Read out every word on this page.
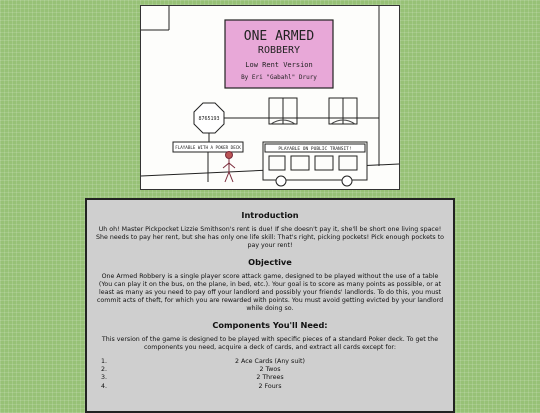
ONE ARMED
ROBBERY
Low Rent Version
By Eri "Gabahl" Drury
8765193
FLAYABLE WITH A POKER DECK	PLAYABLE ON PUBLIC TRANSIT!
Introduction

Uh oh! Master Pickpocket Lizzie Smithson's rent is due! If she doesn't pay it, she'll be short one living space! She needs to pay her rent, but she has only one life skill: That's right, picking pockets! Pick enough pockets to pay your rent!

Objective

One Armed Robbery is a single player score attack game, designed to be played without the use of a table (You can play it on the bus, on the plane, in bed, etc.). Your goal is to score as many points as possible, or at least as many as you need to pay off your landlord and possibly your friends' landlords. To do this, you must commit acts of theft, for which you are rewarded with points. You must avoid getting evicted by your landlord while doing so.

Components You'll Need:

This version of the game is designed to be played with specific pieces of a standard Poker deck. To get the components you need, acquire a deck of cards, and extract all cards except for:

1.	2 Ace Cards (Any suit)
2.	2 Twos
3.	2 Threes
4.	2 Fours
